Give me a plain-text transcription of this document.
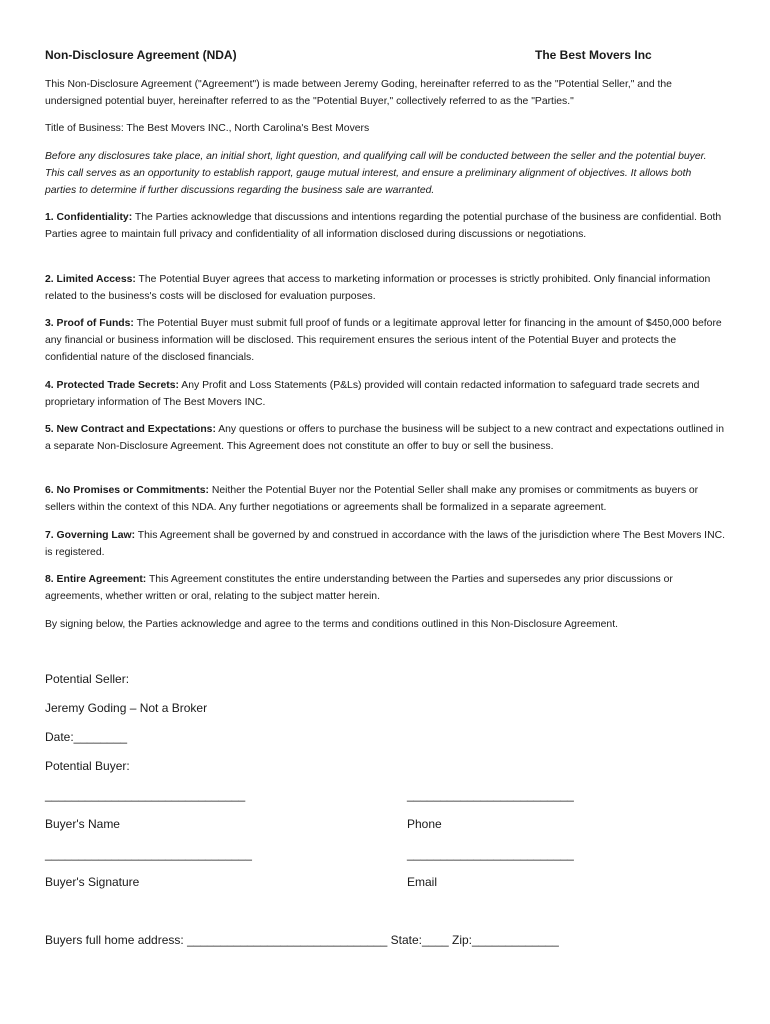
Non-Disclosure Agreement (NDA)	The Best Movers Inc

This Non-Disclosure Agreement ("Agreement") is made between Jeremy Goding, hereinafter referred to as the "Potential Seller," and the undersigned potential buyer, hereinafter referred to as the "Potential Buyer," collectively referred to as the "Parties."

Title of Business: The Best Movers INC., North Carolina's Best Movers

Before any disclosures take place, an initial short, light question, and qualifying call will be conducted between the seller and the potential buyer. This call serves as an opportunity to establish rapport, gauge mutual interest, and ensure a preliminary alignment of objectives. It allows both parties to determine if further discussions regarding the business sale are warranted.

1. Confidentiality: The Parties acknowledge that discussions and intentions regarding the potential purchase of the business are confidential. Both Parties agree to maintain full privacy and confidentiality of all information disclosed during discussions or negotiations.

2. Limited Access: The Potential Buyer agrees that access to marketing information or processes is strictly prohibited. Only financial information related to the business's costs will be disclosed for evaluation purposes.

3. Proof of Funds: The Potential Buyer must submit full proof of funds or a legitimate approval letter for financing in the amount of $450,000 before any financial or business information will be disclosed. This requirement ensures the serious intent of the Potential Buyer and protects the confidential nature of the disclosed financials.

4. Protected Trade Secrets: Any Profit and Loss Statements (P&Ls) provided will contain redacted information to safeguard trade secrets and proprietary information of The Best Movers INC.

5. New Contract and Expectations: Any questions or offers to purchase the business will be subject to a new contract and expectations outlined in a separate Non-Disclosure Agreement. This Agreement does not constitute an offer to buy or sell the business.

6. No Promises or Commitments: Neither the Potential Buyer nor the Potential Seller shall make any promises or commitments as buyers or sellers within the context of this NDA. Any further negotiations or agreements shall be formalized in a separate agreement.

7. Governing Law: This Agreement shall be governed by and construed in accordance with the laws of the jurisdiction where The Best Movers INC. is registered.

8. Entire Agreement: This Agreement constitutes the entire understanding between the Parties and supersedes any prior discussions or agreements, whether written or oral, relating to the subject matter herein.

By signing below, the Parties acknowledge and agree to the terms and conditions outlined in this Non-Disclosure Agreement.

Potential Seller:
Jeremy Goding – Not a Broker
Date:________
Potential Buyer:
______________________________	_________________________
Buyer's Name	Phone
_______________________________	_________________________
Buyer's Signature	Email
Buyers full home address: ______________________________ State:____ Zip:_____________
